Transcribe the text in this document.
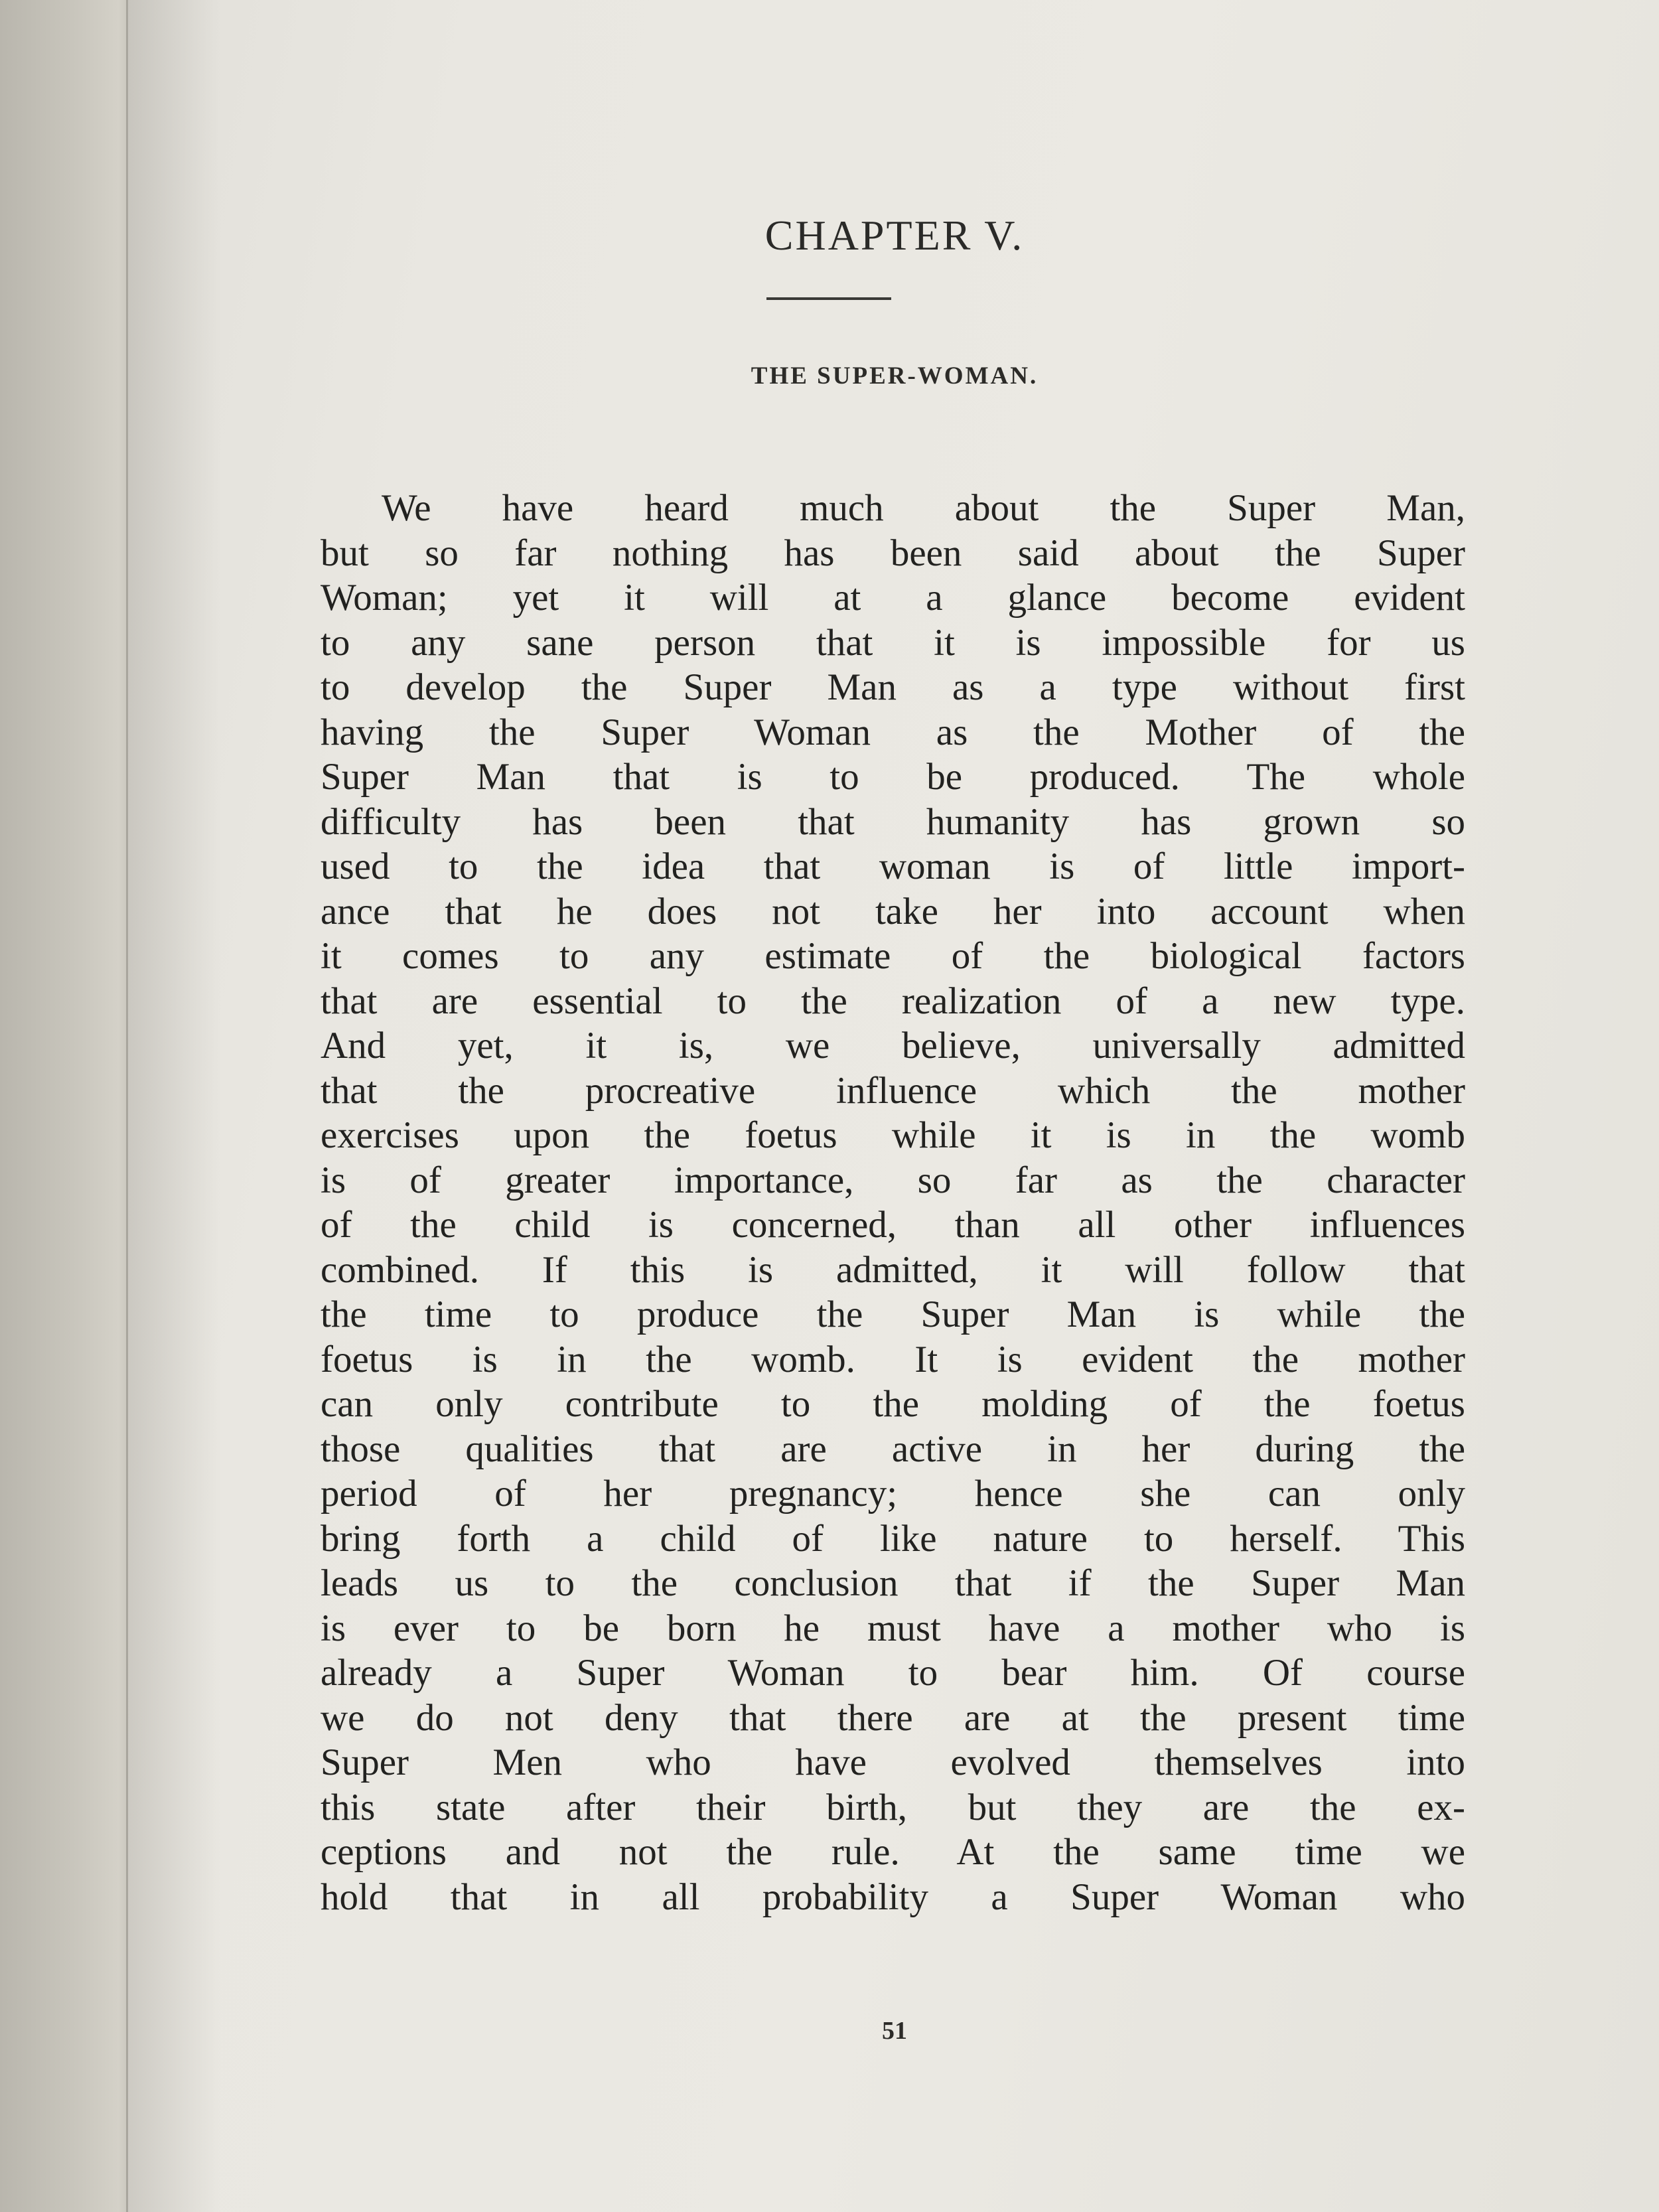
CHAPTER V.
THE SUPER-WOMAN.
We have heard much about the Super Man,
but so far nothing has been said about the Super
Woman; yet it will at a glance become evident
to any sane person that it is impossible for us
to develop the Super Man as a type without first
having the Super Woman as the Mother of the
Super Man that is to be produced. The whole
difficulty has been that humanity has grown so
used to the idea that woman is of little import-
ance that he does not take her into account when
it comes to any estimate of the biological factors
that are essential to the realization of a new type.
And yet, it is, we believe, universally admitted
that the procreative influence which the mother
exercises upon the foetus while it is in the womb
is of greater importance, so far as the character
of the child is concerned, than all other influences
combined. If this is admitted, it will follow that
the time to produce the Super Man is while the
foetus is in the womb. It is evident the mother
can only contribute to the molding of the foetus
those qualities that are active in her during the
period of her pregnancy; hence she can only
bring forth a child of like nature to herself. This
leads us to the conclusion that if the Super Man
is ever to be born he must have a mother who is
already a Super Woman to bear him. Of course
we do not deny that there are at the present time
Super Men who have evolved themselves into
this state after their birth, but they are the ex-
ceptions and not the rule. At the same time we
hold that in all probability a Super Woman who
51
